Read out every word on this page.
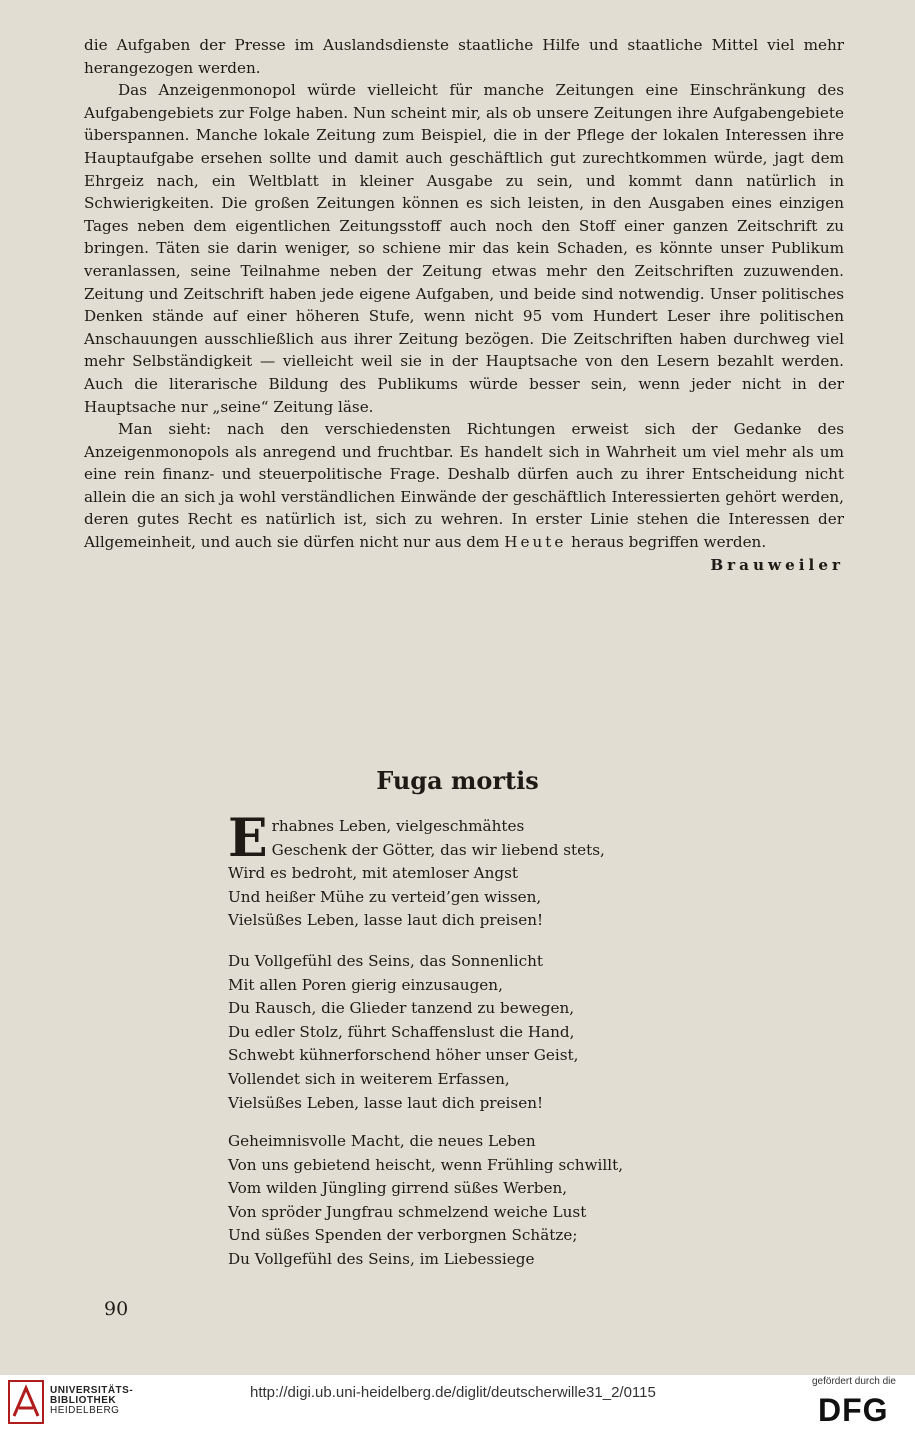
die Aufgaben der Presse im Auslandsdienste staatliche Hilfe und staatliche Mittel viel mehr herangezogen werden.

Das Anzeigenmonopol würde vielleicht für manche Zeitungen eine Einschränkung des Aufgabengebiets zur Folge haben. Nun scheint mir, als ob unsere Zeitungen ihre Aufgabengebiete überspannen. Manche lokale Zeitung zum Beispiel, die in der Pflege der lokalen Interessen ihre Hauptaufgabe ersehen sollte und damit auch geschäftlich gut zurechtkommen würde, jagt dem Ehrgeiz nach, ein Weltblatt in kleiner Ausgabe zu sein, und kommt dann natürlich in Schwierigkeiten. Die großen Zeitungen können es sich leisten, in den Ausgaben eines einzigen Tages neben dem eigentlichen Zeitungsstoff auch noch den Stoff einer ganzen Zeitschrift zu bringen. Täten sie darin weniger, so schiene mir das kein Schaden, es könnte unser Publikum veranlassen, seine Teilnahme neben der Zeitung etwas mehr den Zeitschriften zuzuwenden. Zeitung und Zeitschrift haben jede eigene Aufgaben, und beide sind notwendig. Unser politisches Denken stände auf einer höheren Stufe, wenn nicht 95 vom Hundert Leser ihre politischen Anschauungen ausschließlich aus ihrer Zeitung bezögen. Die Zeitschriften haben durchweg viel mehr Selbständigkeit — vielleicht weil sie in der Hauptsache von den Lesern bezahlt werden. Auch die literarische Bildung des Publikums würde besser sein, wenn jeder nicht in der Hauptsache nur „seine“ Zeitung läse.

Man sieht: nach den verschiedensten Richtungen erweist sich der Gedanke des Anzeigenmonopols als anregend und fruchtbar. Es handelt sich in Wahrheit um viel mehr als um eine rein finanz- und steuerpolitische Frage. Deshalb dürfen auch zu ihrer Entscheidung nicht allein die an sich ja wohl verständlichen Einwände der geschäftlich Interessierten gehört werden, deren gutes Recht es natürlich ist, sich zu wehren. In erster Linie stehen die Interessen der Allgemeinheit, und auch sie dürfen nicht nur aus dem Heute heraus begriffen werden.
Brauweiler

Fuga mortis
E rhabnes Leben, vielgeschmähtes
Geschenk der Götter, das wir liebend stets,
Wird es bedroht, mit atemloser Angst
Und heißer Mühe zu verteid’gen wissen,
Vielsüßes Leben, lasse laut dich preisen!
Du Vollgefühl des Seins, das Sonnenlicht
Mit allen Poren gierig einzusaugen,
Du Rausch, die Glieder tanzend zu bewegen,
Du edler Stolz, führt Schaffenslust die Hand,
Schwebt kühnerforschend höher unser Geist,
Vollendet sich in weiterem Erfassen,
Vielsüßes Leben, lasse laut dich preisen!
Geheimnisvolle Macht, die neues Leben
Von uns gebietend heischt, wenn Frühling schwillt,
Vom wilden Jüngling girrend süßes Werben,
Von spröder Jungfrau schmelzend weiche Lust
Und süßes Spenden der verborgnen Schätze;
Du Vollgefühl des Seins, im Liebessiege
90
UNIVERSITÄTS-
BIBLIOTHEK
HEIDELBERG
http://digi.ub.uni-heidelberg.de/diglit/deutscherwille31_2/0115
gefördert durch die
DFG
